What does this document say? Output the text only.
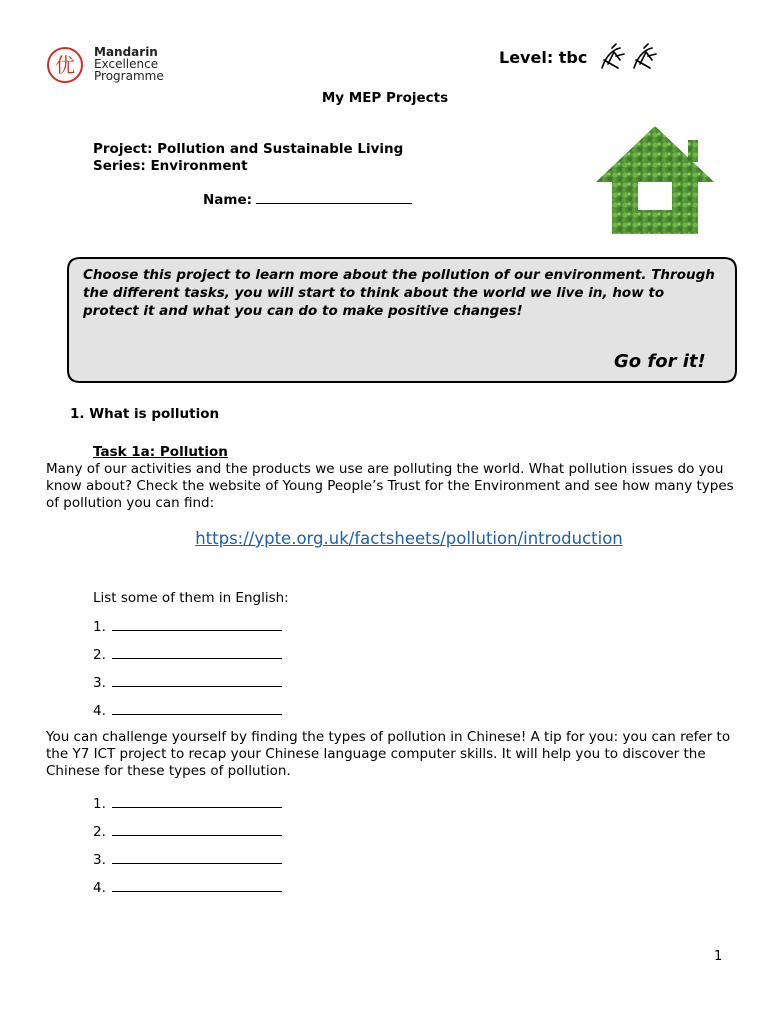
优
Mandarin
Excellence
Programme
Level: tbc
My MEP Projects
Project: Pollution and Sustainable Living
Series: Environment
Name:
Choose this project to learn more about the pollution of our environment. Through the different tasks, you will start to think about the world we live in, how to protect it and what you can do to make positive changes!
Go for it!
1. What is pollution
Task 1a: Pollution
Many of our activities and the products we use are polluting the world. What pollution issues do you know about? Check the website of Young People’s Trust for the Environment and see how many types of pollution you can find:
https://ypte.org.uk/factsheets/pollution/introduction
List some of them in English:
1.
2.
3.
4.
You can challenge yourself by finding the types of pollution in Chinese! A tip for you: you can refer to the Y7 ICT project to recap your Chinese language computer skills. It will help you to discover the Chinese for these types of pollution.
1.
2.
3.
4.
1
